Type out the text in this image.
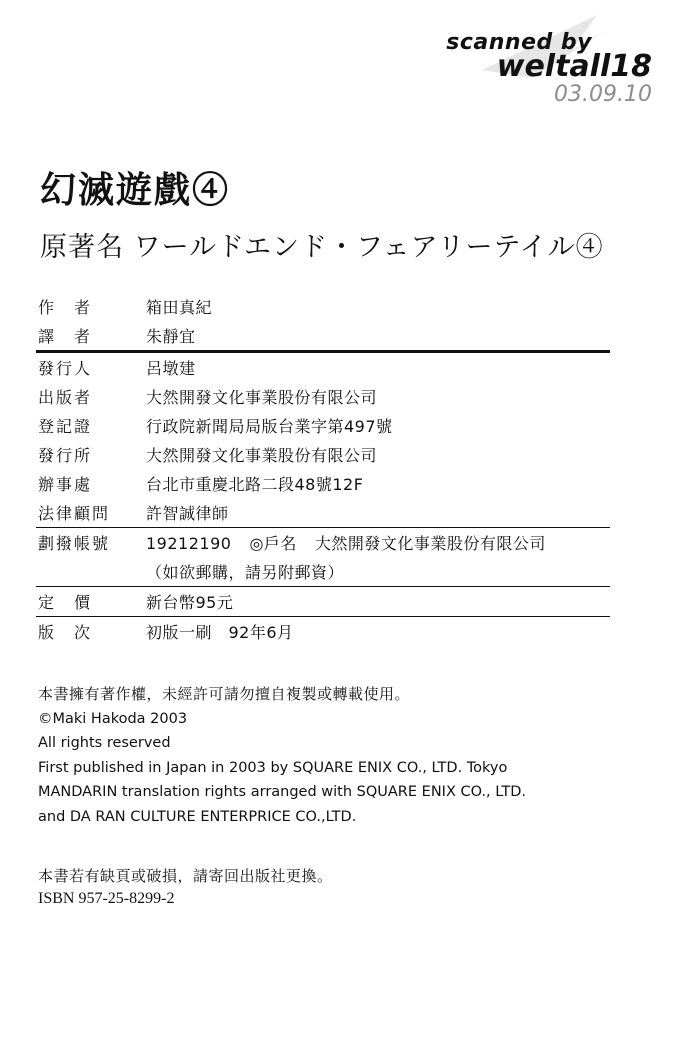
scanned by
weltall18
03.09.10
幻滅遊戲④
原著名 ワールドエンド・フェアリーテイル④
作　者	箱田真紀
譯　者	朱靜宜
發行人	呂墩建
出版者	大然開發文化事業股份有限公司
登記證	行政院新聞局局版台業字第497號
發行所	大然開發文化事業股份有限公司
辦事處	台北市重慶北路二段48號12F
法律顧問	許智誠律師
劃撥帳號	19212190 ◎戶名 大然開發文化事業股份有限公司
（如欲郵購，請另附郵資）
定　價	新台幣95元
版　次	初版一刷　92年6月
本書擁有著作權，未經許可請勿擅自複製或轉載使用。
©Maki Hakoda 2003
All rights reserved
First published in Japan in 2003 by SQUARE ENIX CO., LTD. Tokyo
MANDARIN translation rights arranged with SQUARE ENIX CO., LTD.
and DA RAN CULTURE ENTERPRICE CO.,LTD.
本書若有缺頁或破損，請寄回出版社更換。
ISBN 957-25-8299-2
